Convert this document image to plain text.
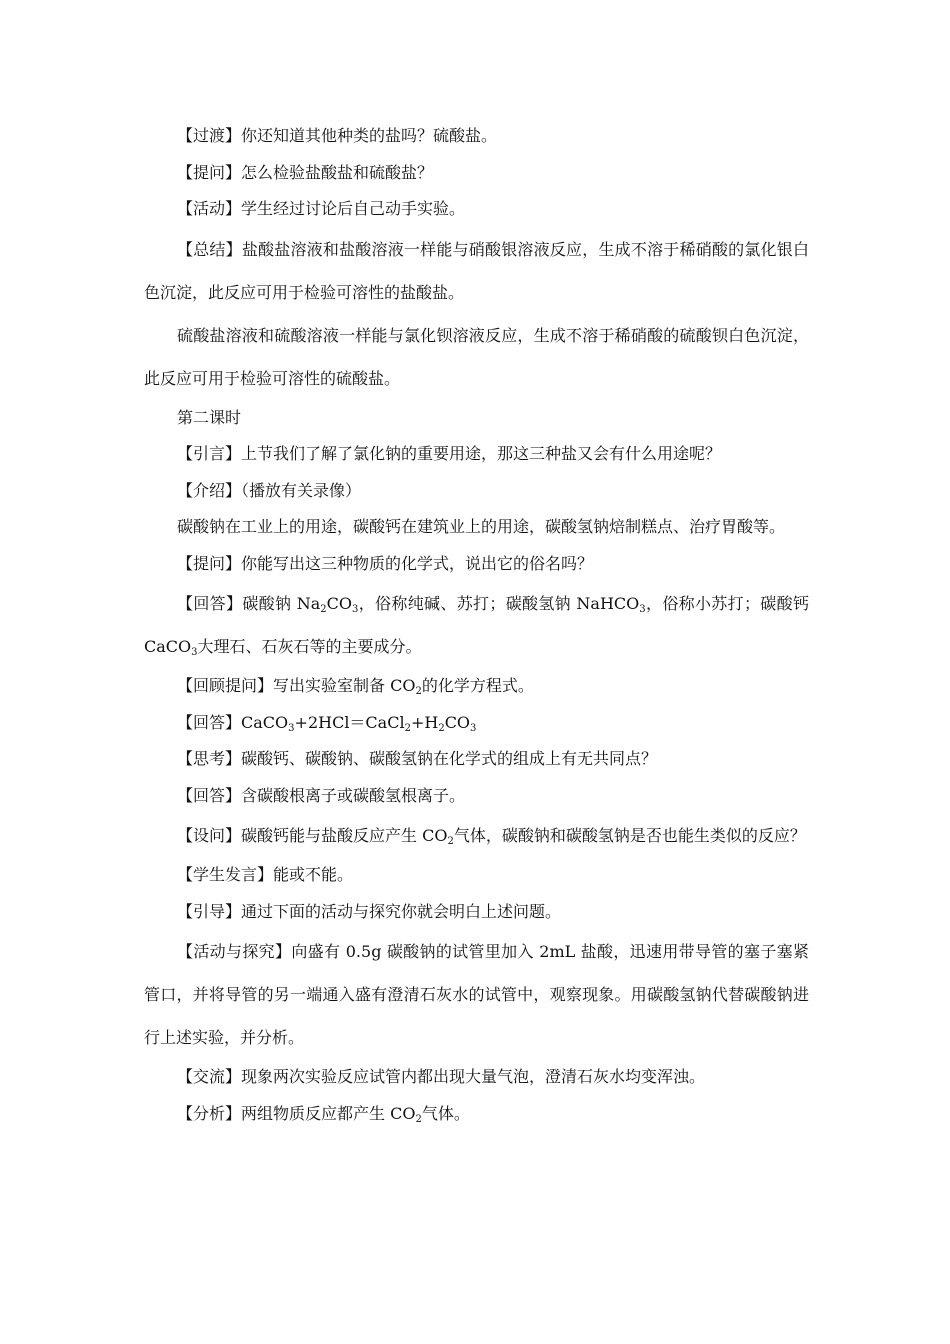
【过渡】你还知道其他种类的盐吗？硫酸盐。

【提问】怎么检验盐酸盐和硫酸盐？

【活动】学生经过讨论后自己动手实验。

【总结】盐酸盐溶液和盐酸溶液一样能与硝酸银溶液反应，生成不溶于稀硝酸的氯化银白色沉淀，此反应可用于检验可溶性的盐酸盐。

硫酸盐溶液和硫酸溶液一样能与氯化钡溶液反应，生成不溶于稀硝酸的硫酸钡白色沉淀，此反应可用于检验可溶性的硫酸盐。

第二课时

【引言】上节我们了解了氯化钠的重要用途，那这三种盐又会有什么用途呢？

【介绍】（播放有关录像）

碳酸钠在工业上的用途，碳酸钙在建筑业上的用途，碳酸氢钠焙制糕点、治疗胃酸等。

【提问】你能写出这三种物质的化学式，说出它的俗名吗？

【回答】碳酸钠 $Na_2CO_3$，俗称纯碱、苏打；碳酸氢钠 NaHCO$_3$，俗称小苏打；碳酸钙 CaCO$_3$大理石、石灰石等的主要成分。

【回顾提问】写出实验室制备 $CO_2$的化学方程式。

【回答】$CaCO_3+2HCl=CaCl_2+H_2CO_3$

【思考】碳酸钙、碳酸钠、碳酸氢钠在化学式的组成上有无共同点？

【回答】含碳酸根离子或碳酸氢根离子。

【设问】碳酸钙能与盐酸反应产生 $CO_2$气体，碳酸钠和碳酸氢钠是否也能生类似的反应？

【学生发言】能或不能。

【引导】通过下面的活动与探究你就会明白上述问题。

【活动与探究】向盛有 0.5g 碳酸钠的试管里加入 2mL 盐酸，迅速用带导管的塞子塞紧管口，并将导管的另一端通入盛有澄清石灰水的试管中，观察现象。用碳酸氢钠代替碳酸钠进行上述实验，并分析。

【交流】现象两次实验反应试管内都出现大量气泡，澄清石灰水均变浑浊。

【分析】两组物质反应都产生 $CO_2$气体。
